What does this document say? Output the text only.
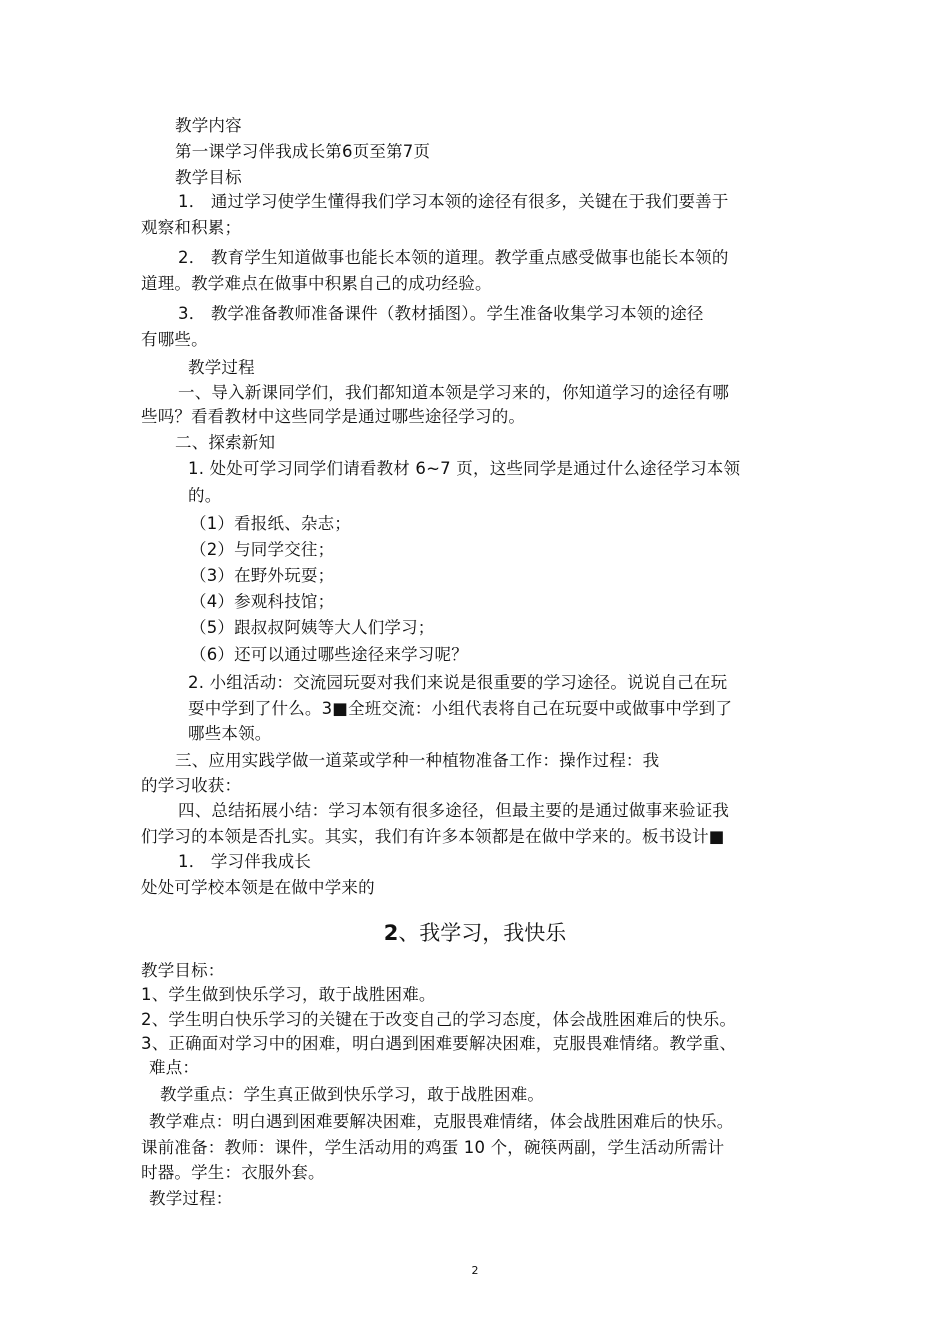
教学内容
第一课学习伴我成长第6页至第7页
教学目标
1． 通过学习使学生懂得我们学习本领的途径有很多，关键在于我们要善于
观察和积累；
2． 教育学生知道做事也能长本领的道理。教学重点感受做事也能长本领的
道理。教学难点在做事中积累自己的成功经验。
3． 教学准备教师准备课件（教材插图）。学生准备收集学习本领的途径
有哪些。
教学过程
一、导入新课同学们，我们都知道本领是学习来的，你知道学习的途径有哪
些吗？看看教材中这些同学是通过哪些途径学习的。
二、探索新知
1. 处处可学习同学们请看教材 6~7 页，这些同学是通过什么途径学习本领
的。
（1）看报纸、杂志；
（2）与同学交往；
（3）在野外玩耍；
（4）参观科技馆；
（5）跟叔叔阿姨等大人们学习；
（6）还可以通过哪些途径来学习呢？
2. 小组活动：交流园玩耍对我们来说是很重要的学习途径。说说自己在玩
耍中学到了什么。3■全班交流：小组代表将自己在玩耍中或做事中学到了
哪些本领。
三、应用实践学做一道菜或学种一种植物准备工作：操作过程：我
的学习收获：
四、总结拓展小结：学习本领有很多途径，但最主要的是通过做事来验证我
们学习的本领是否扎实。其实，我们有许多本领都是在做中学来的。板书设计■
1． 学习伴我成长
处处可学校本领是在做中学来的
2、我学习，我快乐
教学目标：
1、学生做到快乐学习，敢于战胜困难。
2、学生明白快乐学习的关键在于改变自己的学习态度，体会战胜困难后的快乐。
3、正确面对学习中的困难，明白遇到困难要解决困难，克服畏难情绪。教学重、
难点：
教学重点：学生真正做到快乐学习，敢于战胜困难。
教学难点：明白遇到困难要解决困难，克服畏难情绪，体会战胜困难后的快乐。
课前准备：教师：课件，学生活动用的鸡蛋 10 个，碗筷两副，学生活动所需计
时器。学生：衣服外套。
教学过程：
2
